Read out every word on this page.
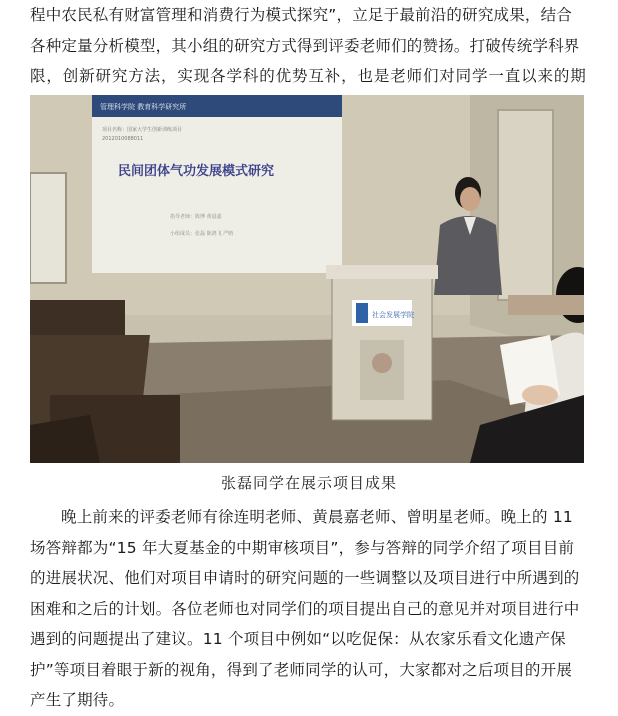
程中农民私有财富管理和消费行为模式探究”，立足于最前沿的研究成果，结合

各种定量分析模型，其小组的研究方式得到评委老师们的赞扬。打破传统学科界

限，创新研究方法，实现各学科的优势互补，也是老师们对同学一直以来的期

管理科学院 教育科学研究所
项目名称：国家大学生创新训练项目
2012010088011
民间团体气功发展模式研究
指导老师：陈博 黄晨嘉
小组成员：张磊 陈鸿飞 严晴
社会发展学院
张磊同学在展示项目成果

晚上前来的评委老师有徐连明老师、黄晨嘉老师、曾明星老师。晚上的 11

场答辩都为“15 年大夏基金的中期审核项目”，参与答辩的同学介绍了项目目前

的进展状况、他们对项目申请时的研究问题的一些调整以及项目进行中所遇到的

困难和之后的计划。各位老师也对同学们的项目提出自己的意见并对项目进行中

遇到的问题提出了建议。11 个项目中例如“以吃促保：从农家乐看文化遗产保

护”等项目着眼于新的视角，得到了老师同学的认可，大家都对之后项目的开展

产生了期待。
